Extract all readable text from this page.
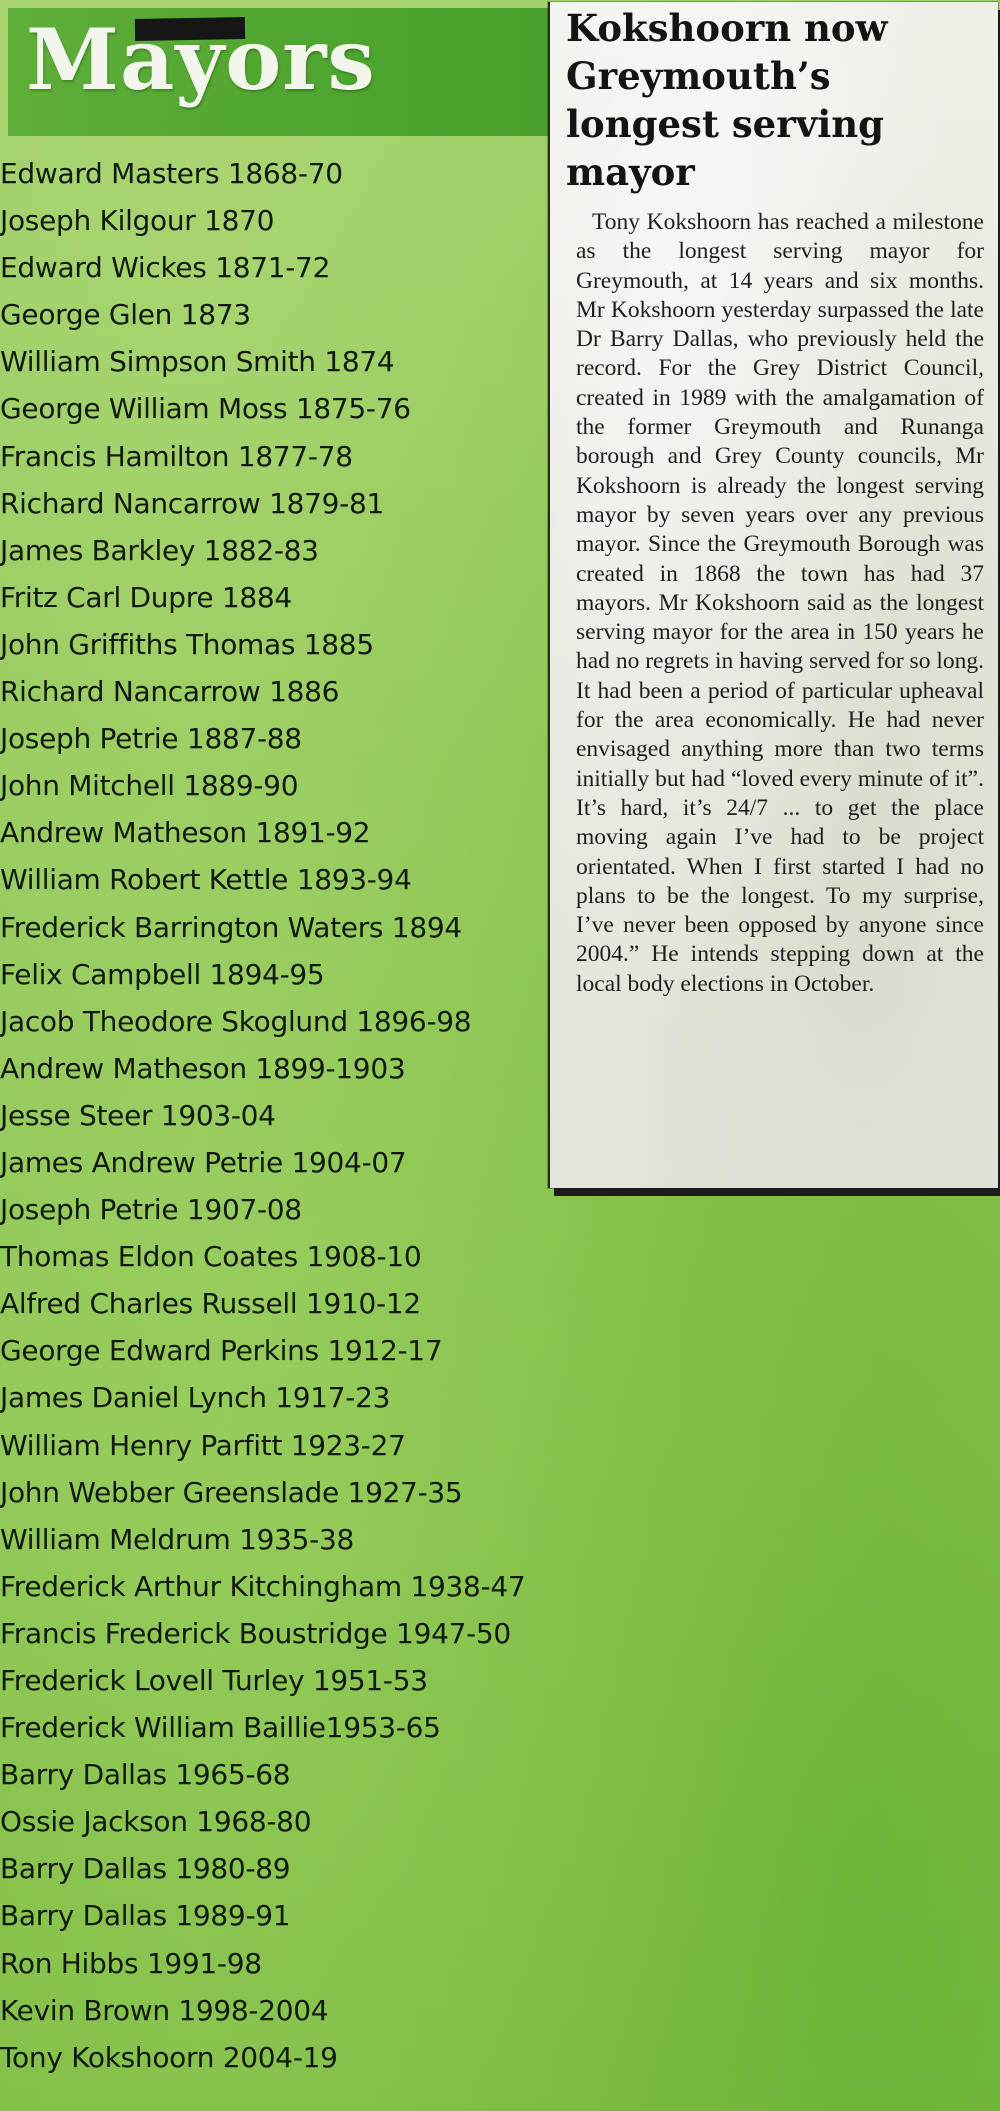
Mayors
Edward Masters 1868-70
Joseph Kilgour 1870
Edward Wickes 1871-72
George Glen 1873
William Simpson Smith 1874
George William Moss 1875-76
Francis Hamilton 1877-78
Richard Nancarrow 1879-81
James Barkley 1882-83
Fritz Carl Dupre 1884
John Griffiths Thomas 1885
Richard Nancarrow 1886
Joseph Petrie 1887-88
John Mitchell 1889-90
Andrew Matheson 1891-92
William Robert Kettle 1893-94
Frederick Barrington Waters 1894
Felix Campbell 1894-95
Jacob Theodore Skoglund 1896-98
Andrew Matheson 1899-1903
Jesse Steer 1903-04
James Andrew Petrie 1904-07
Joseph Petrie 1907-08
Thomas Eldon Coates 1908-10
Alfred Charles Russell 1910-12
George Edward Perkins 1912-17
James Daniel Lynch 1917-23
William Henry Parfitt 1923-27
John Webber Greenslade 1927-35
William Meldrum 1935-38
Frederick Arthur Kitchingham 1938-47
Francis Frederick Boustridge 1947-50
Frederick Lovell Turley 1951-53
Frederick William Baillie1953-65
Barry Dallas 1965-68
Ossie Jackson 1968-80
Barry Dallas 1980-89
Barry Dallas 1989-91
Ron Hibbs 1991-98
Kevin Brown 1998-2004
Tony Kokshoorn 2004-19
Kokshoorn now Greymouth’s longest serving mayor

Tony Kokshoorn has reached a milestone as the longest serving mayor for Greymouth, at 14 years and six months. Mr Kokshoorn yesterday surpassed the late Dr Barry Dallas, who previously held the record. For the Grey District Council, created in 1989 with the amalgamation of the former Greymouth and Runanga borough and Grey County councils, Mr Kokshoorn is already the longest serving mayor by seven years over any previous mayor. Since the Greymouth Borough was created in 1868 the town has had 37 mayors. Mr Kokshoorn said as the longest serving mayor for the area in 150 years he had no regrets in having served for so long. It had been a period of particular upheaval for the area economically. He had never envisaged anything more than two terms initially but had “loved every minute of it”. It’s hard, it’s 24/7 ... to get the place moving again I’ve had to be project orientated. When I first started I had no plans to be the longest. To my surprise, I’ve never been opposed by anyone since 2004.” He intends stepping down at the local body elections in October.
